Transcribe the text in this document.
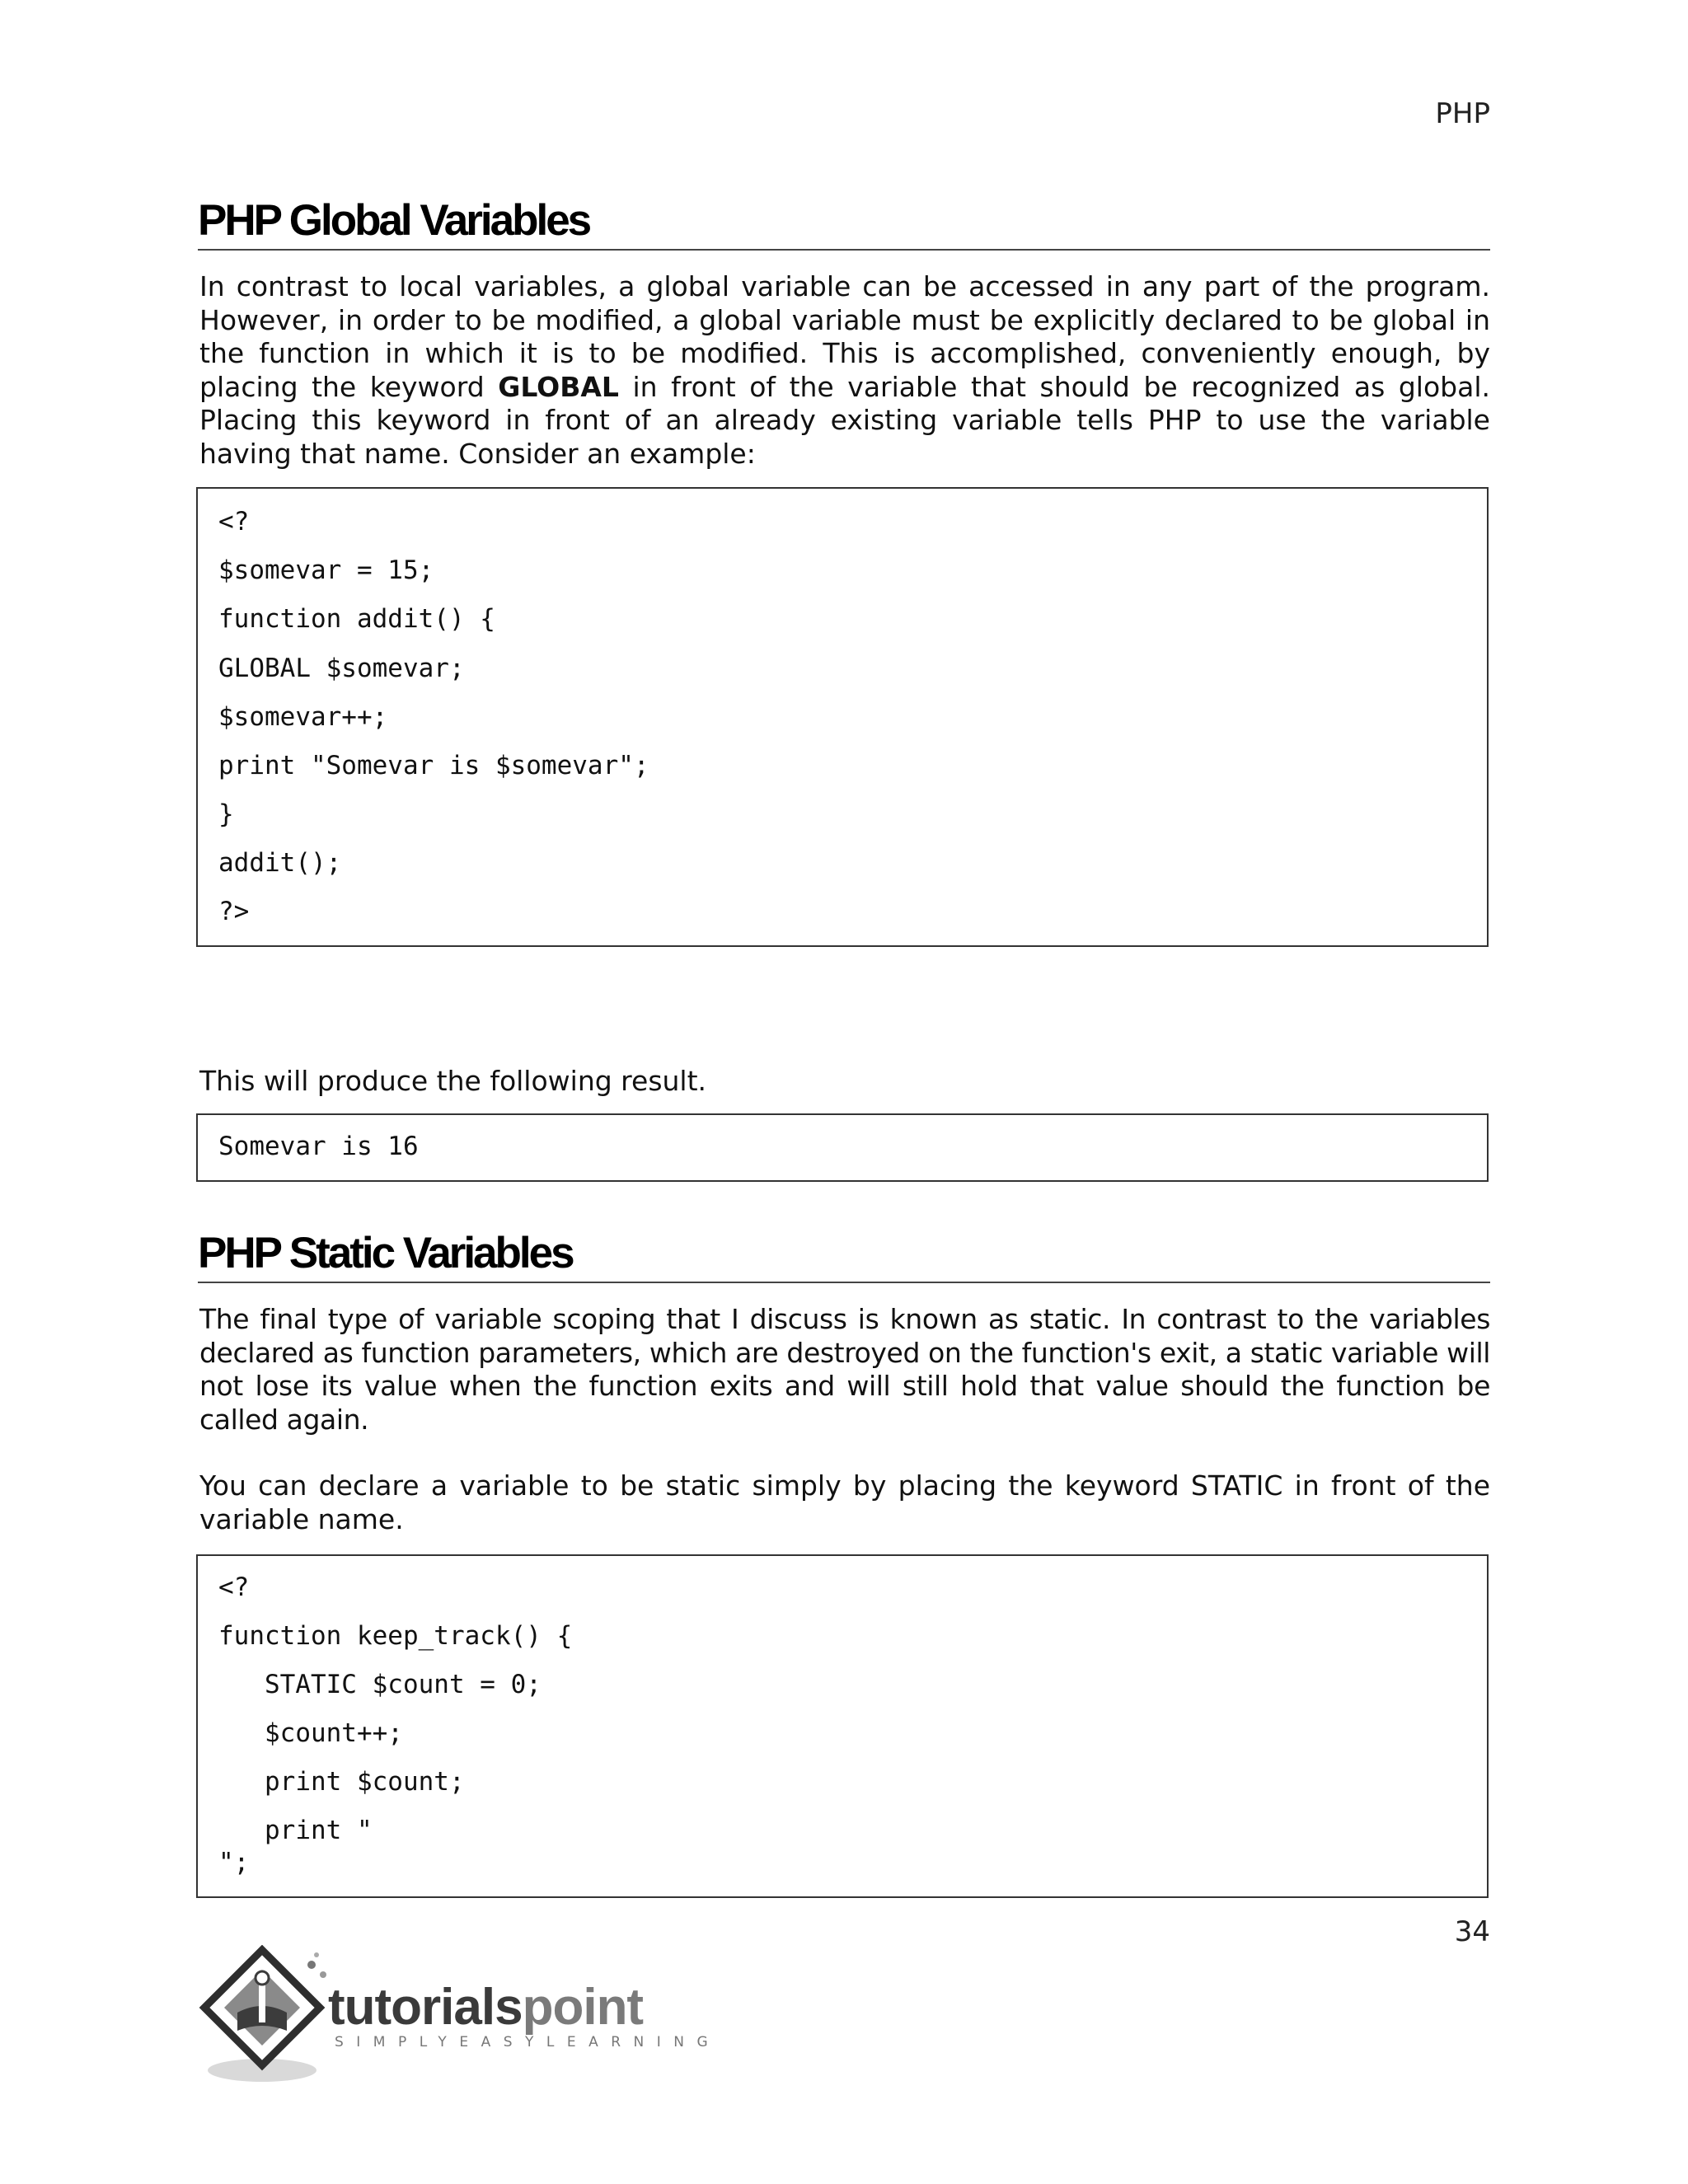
PHP
PHP Global Variables

In contrast to local variables, a global variable can be accessed in any part of the program. However, in order to be modified, a global variable must be explicitly declared to be global in the function in which it is to be modified. This is accomplished, conveniently enough, by placing the keyword GLOBAL in front of the variable that should be recognized as global. Placing this keyword in front of an already existing variable tells PHP to use the variable having that name. Consider an example:

<?
$somevar = 15;
function addit() {
GLOBAL $somevar;
$somevar++;
print "Somevar is $somevar";
}
addit();
?>

This will produce the following result.

Somevar is 16
PHP Static Variables

The final type of variable scoping that I discuss is known as static. In contrast to the variables declared as function parameters, which are destroyed on the function's exit, a static variable will not lose its value when the function exits and will still hold that value should the function be called again.

You can declare a variable to be static simply by placing the keyword STATIC in front of the variable name.

<?
function keep_track() {
STATIC $count = 0;
$count++;
print $count;
print "
";
34
tutorialspoint
SIMPLYEASYLEARNING
